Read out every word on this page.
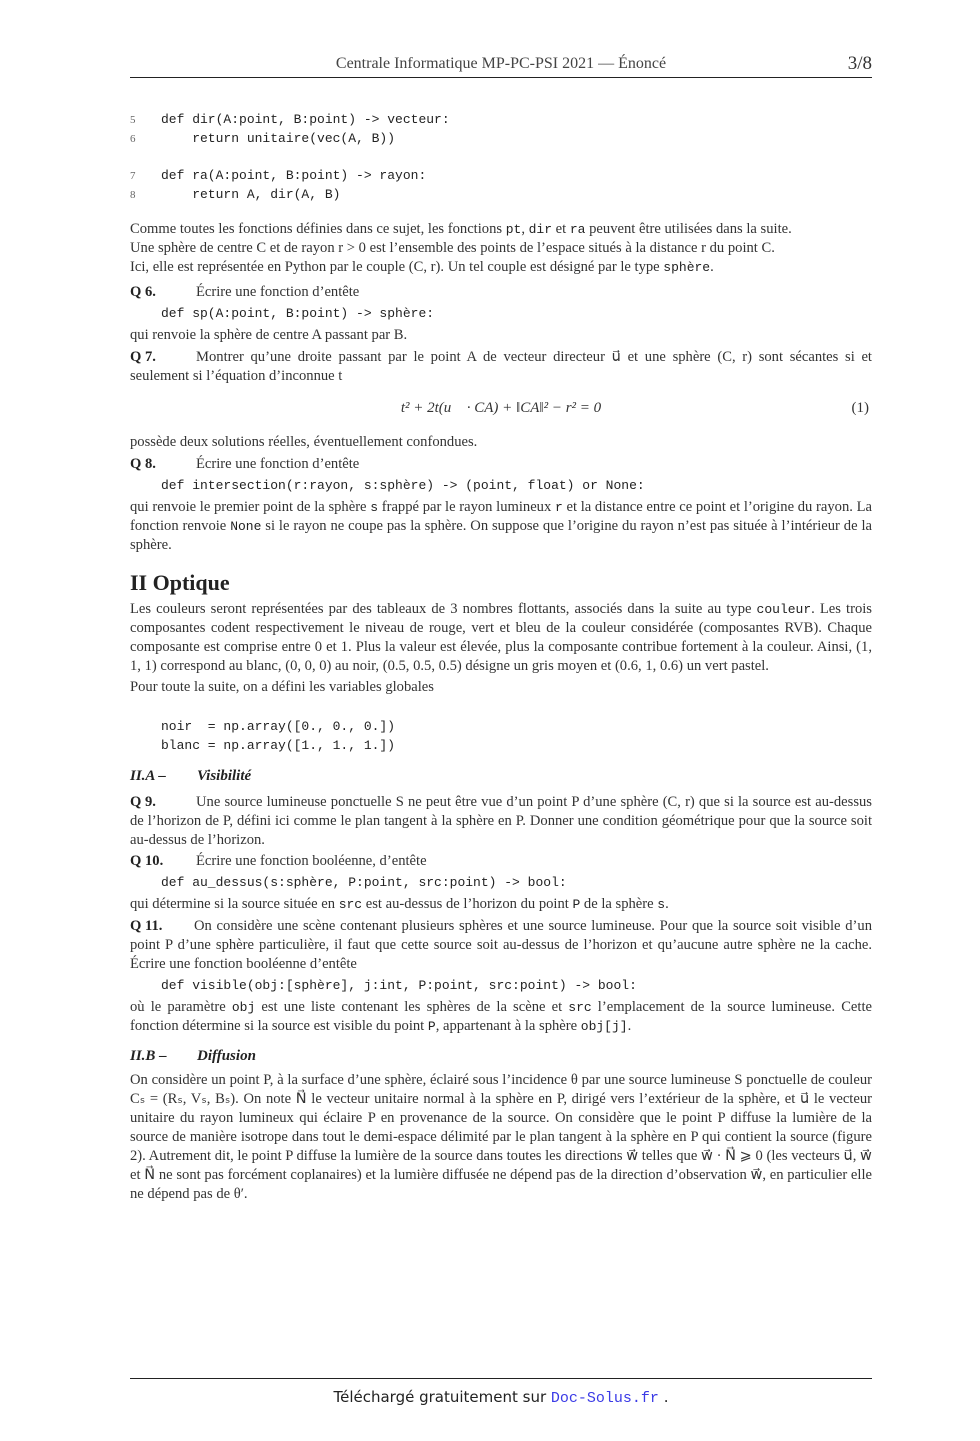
Centrale Informatique MP-PC-PSI 2021 — Énoncé	3/8
5 def dir(A:point, B:point) -> vecteur:
6    return unitaire(vec(A, B))
7 def ra(A:point, B:point) -> rayon:
8    return A, dir(A, B)

Comme toutes les fonctions définies dans ce sujet, les fonctions pt, dir et ra peuvent être utilisées dans la suite.

Une sphère de centre C et de rayon r > 0 est l’ensemble des points de l’espace situés à la distance r du point C.

Ici, elle est représentée en Python par le couple (C, r). Un tel couple est désigné par le type sphère.

Q 6.	Écrire une fonction d’entête

def sp(A:point, B:point) -> sphère:

qui renvoie la sphère de centre A passant par B.

Q 7.	Montrer qu’une droite passant par le point A de vecteur directeur u⃗ et une sphère (C, r) sont sécantes si et seulement si l’équation d’inconnue t

t² + 2t(u⃗ · CA) + ‖CA‖² − r² = 0	(1)

possède deux solutions réelles, éventuellement confondues.

Q 8.	Écrire une fonction d’entête

def intersection(r:rayon, s:sphère) -> (point, float) or None:

qui renvoie le premier point de la sphère s frappé par le rayon lumineux r et la distance entre ce point et l’origine du rayon. La fonction renvoie None si le rayon ne coupe pas la sphère. On suppose que l’origine du rayon n’est pas située à l’intérieur de la sphère.

II Optique

Les couleurs seront représentées par des tableaux de 3 nombres flottants, associés dans la suite au type couleur. Les trois composantes codent respectivement le niveau de rouge, vert et bleu de la couleur considérée (composantes RVB). Chaque composante est comprise entre 0 et 1. Plus la valeur est élevée, plus la composante contribue fortement à la couleur. Ainsi, (1, 1, 1) correspond au blanc, (0, 0, 0) au noir, (0.5, 0.5, 0.5) désigne un gris moyen et (0.6, 1, 0.6) un vert pastel.

Pour toute la suite, on a défini les variables globales

noir  = np.array([0., 0., 0.])
blanc = np.array([1., 1., 1.])
II.A – Visibilité

Q 9.	Une source lumineuse ponctuelle S ne peut être vue d’un point P d’une sphère (C, r) que si la source est au-dessus de l’horizon de P, défini ici comme le plan tangent à la sphère en P. Donner une condition géométrique pour que la source soit au-dessus de l’horizon.

Q 10. Écrire une fonction booléenne, d’entête

def au_dessus(s:sphère, P:point, src:point) -> bool:

qui détermine si la source située en src est au-dessus de l’horizon du point P de la sphère s.

Q 11. On considère une scène contenant plusieurs sphères et une source lumineuse. Pour que la source soit visible d’un point P d’une sphère particulière, il faut que cette source soit au-dessus de l’horizon et qu’aucune autre sphère ne la cache. Écrire une fonction booléenne d’entête

def visible(obj:[sphère], j:int, P:point, src:point) -> bool:

où le paramètre obj est une liste contenant les sphères de la scène et src l’emplacement de la source lumineuse. Cette fonction détermine si la source est visible du point P, appartenant à la sphère obj[j].

II.B – Diffusion

On considère un point P, à la surface d’une sphère, éclairé sous l’incidence θ par une source lumineuse S ponctuelle de couleur Cₛ = (Rₛ, Vₛ, Bₛ). On note N⃗ le vecteur unitaire normal à la sphère en P, dirigé vers l’extérieur de la sphère, et u⃗ le vecteur unitaire du rayon lumineux qui éclaire P en provenance de la source. On considère que le point P diffuse la lumière de la source de manière isotrope dans tout le demi-espace délimité par le plan tangent à la sphère en P qui contient la source (figure 2). Autrement dit, le point P diffuse la lumière de la source dans toutes les directions w⃗ telles que w⃗ · N⃗ ⩾ 0 (les vecteurs u⃗, w⃗ et N⃗ ne sont pas forcément coplanaires) et la lumière diffusée ne dépend pas de la direction d’observation w⃗, en particulier elle ne dépend pas de θ′.

Téléchargé gratuitement sur Doc-Solus.fr .
